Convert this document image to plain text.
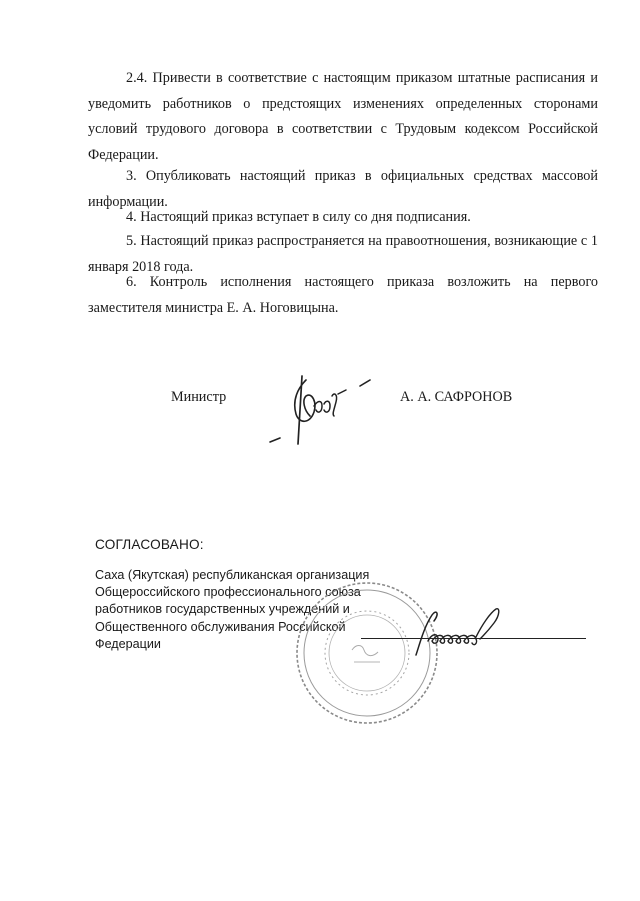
2.4. Привести в соответствие с настоящим приказом штатные расписания и уведомить работников о предстоящих изменениях определенных сторонами условий трудового договора в соответствии с Трудовым кодексом Российской Федерации.
3. Опубликовать настоящий приказ в официальных средствах массовой информации.
4. Настоящий приказ вступает в силу со дня подписания.
5. Настоящий приказ распространяется на правоотношения, возникающие с 1 января 2018 года.
6. Контроль исполнения настоящего приказа возложить на первого заместителя министра Е. А. Ноговицына.
Министр	А. А. САФРОНОВ
СОГЛАСОВАНО:
Саха (Якутская) республиканская организация
Общероссийского профессионального союза
работников государственных учреждений и
Общественного обслуживания Российской
Федерации
